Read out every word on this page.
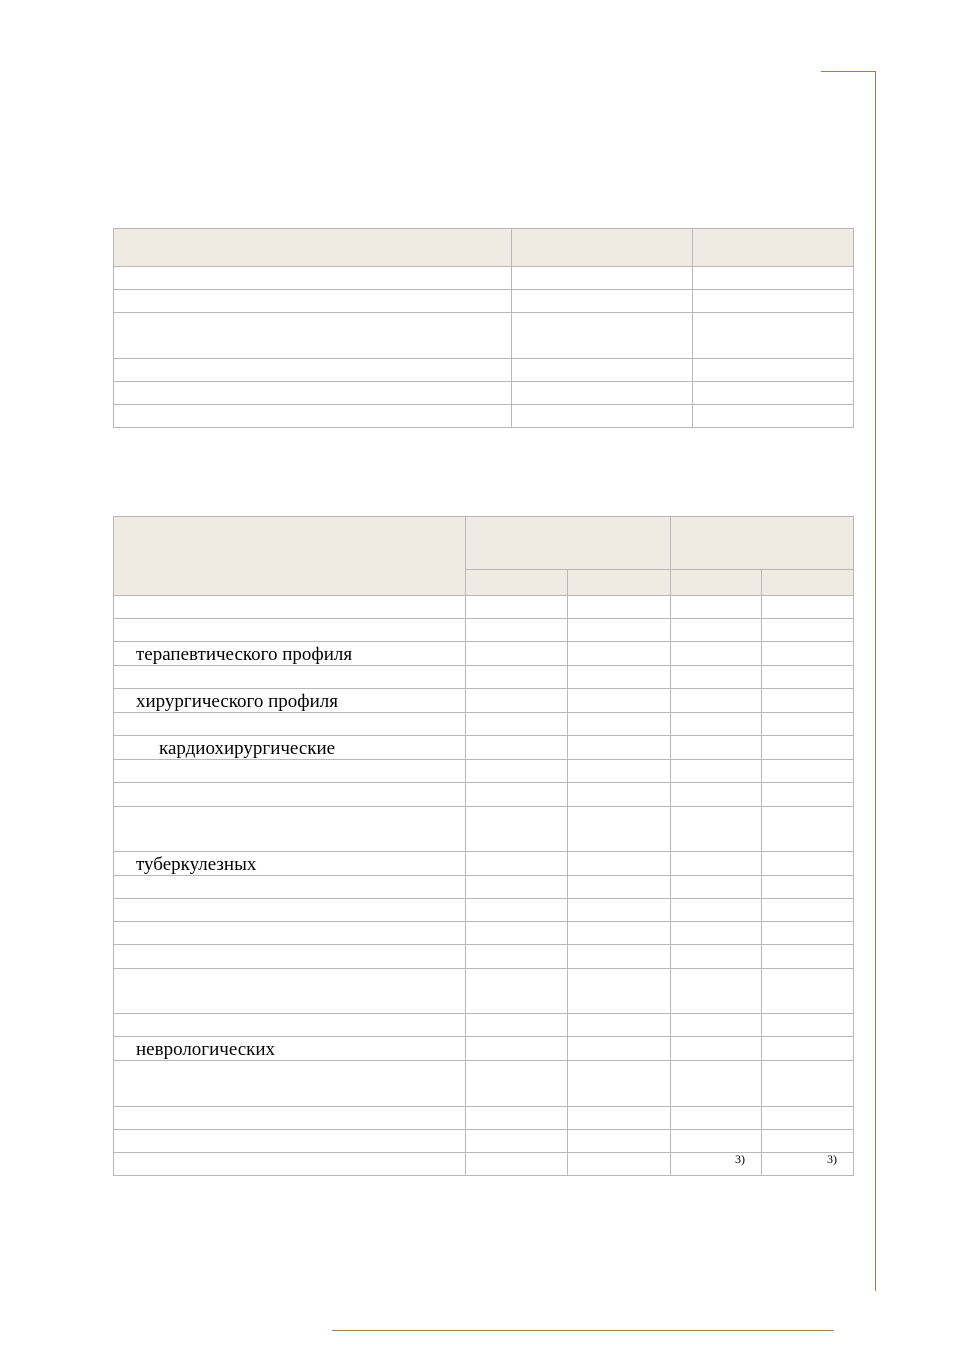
терапевтического профиля				

хирургического профиля				

кардиохирургические				

туберкулезных				

неврологических				

			3)	3)
